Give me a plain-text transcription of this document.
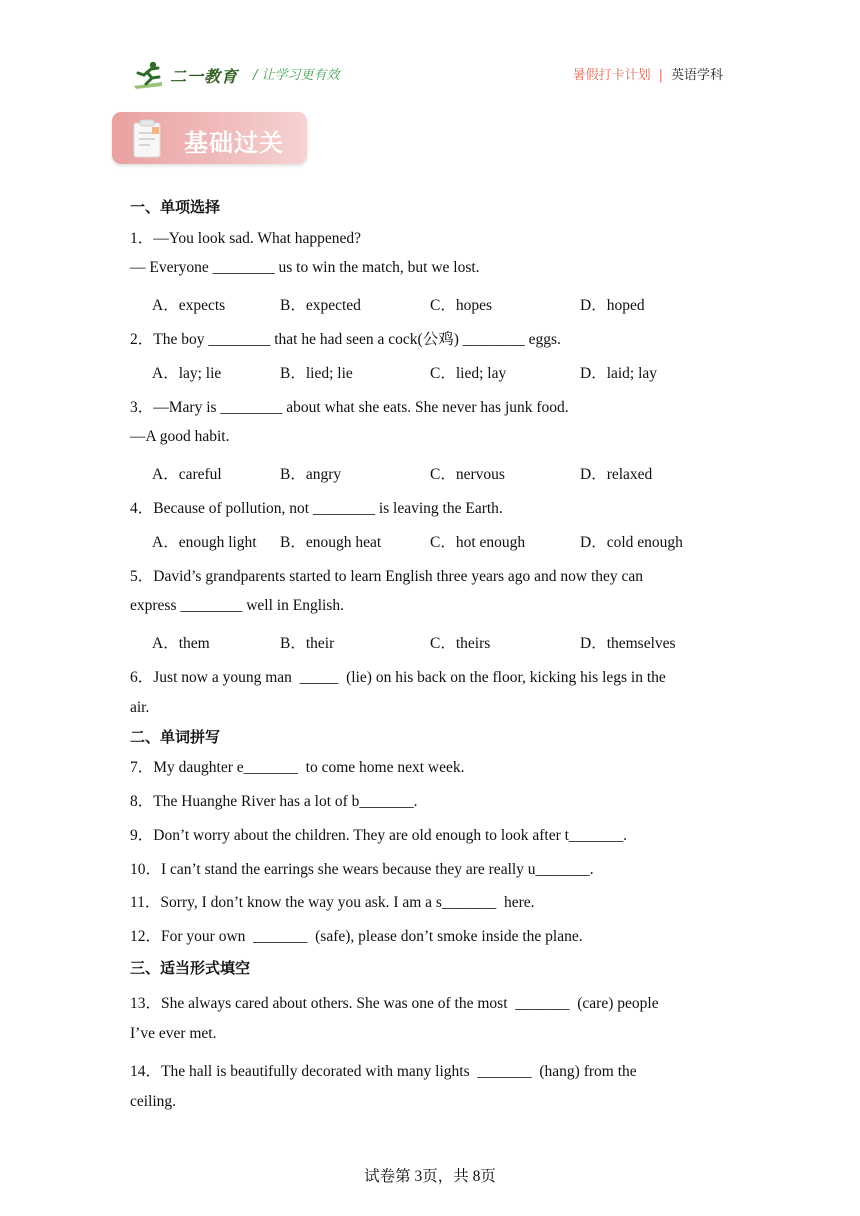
二一教育 / 让学习更有效	暑假打卡计划 | 英语学科
基础过关
一、单项选择
1．—You look sad. What happened?
— Everyone ________ us to win the match, but we lost.
A．expects	B．expected	C．hopes	D．hoped
2．The boy ________ that he had seen a cock(公鸡) ________ eggs.
A．lay; lie	B．lied; lie	C．lied; lay	D．laid; lay
3．—Mary is ________ about what she eats. She never has junk food.
—A good habit.
A．careful	B．angry	C．nervous	D．relaxed
4．Because of pollution, not ________ is leaving the Earth.
A．enough light B．enough heat	C．hot enough	D．cold enough
5．David’s grandparents started to learn English three years ago and now they can
express ________ well in English.
A．them	B．their	C．theirs	D．themselves
6．Just now a young man  _____  (lie) on his back on the floor, kicking his legs in the
air.
二、单词拼写
7．My daughter e_______  to come home next week.
8．The Huanghe River has a lot of b_______.
9．Don’t worry about the children. They are old enough to look after t_______.
10．I can’t stand the earrings she wears because they are really u_______.
11．Sorry, I don’t know the way you ask. I am a s_______  here.
12．For your own  _______  (safe), please don’t smoke inside the plane.
三、适当形式填空
13．She always cared about others. She was one of the most  _______  (care) people
I’ve ever met.
14．The hall is beautifully decorated with many lights  _______  (hang) from the
ceiling.
试卷第 3页，共 8页
